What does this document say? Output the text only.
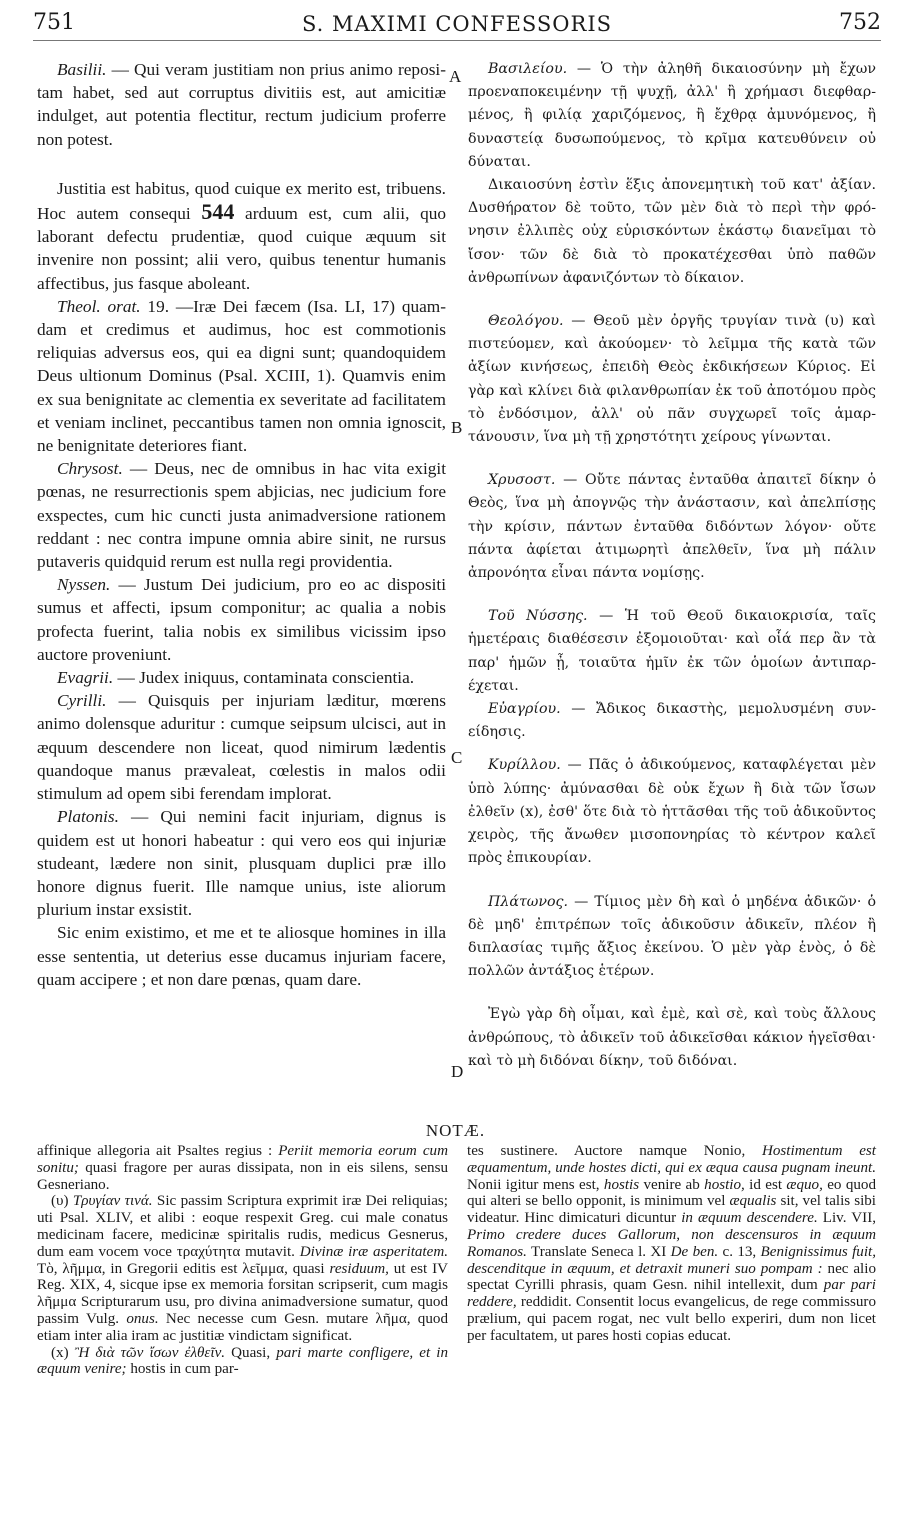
751	S. MAXIMI CONFESSORIS	752

Basilii. — Qui veram justitiam non prius animo repositam habet, sed aut corruptus divitiis est, aut amicitiæ indulget, aut potentia flectitur, rectum judicium proferre non potest.

Justitia est habitus, quod cuique ex merito est, tribuens. Hoc autem consequi 544 arduum est, cum alii, quo laborant defectu prudentiæ, quod cuique æquum sit invenire non possint; alii vero, quibus tenentur humanis affectibus, jus fasque aboleant.

Theol. orat. 19. —Iræ Dei fæcem (Isa. LI, 17) quamdam et credimus et audimus, hoc est commotionis reliquias adversus eos, qui ea digni sunt; quandoquidem Deus ultionum Dominus (Psal. XCIII, 1). Quamvis enim ex sua benignitate ac clementia ex severitate ad facilitatem et veniam inclinet, peccantibus tamen non omnia ignoscit, ne benignitate deteriores fiant.

Chrysost. — Deus, nec de omnibus in hac vita exigit pœnas, ne resurrectionis spem abjicias, nec judicium fore exspectes, cum hic cuncti justa animadversione rationem reddant : nec contra impune omnia abire sinit, ne rursus putaveris quidquid rerum est nulla regi providentia.

Nyssen. — Justum Dei judicium, pro eo ac dispositi sumus et affecti, ipsum componitur; ac qualia a nobis profecta fuerint, talia nobis ex similibus vicissim ipso auctore proveniunt.

Evagrii. — Judex iniquus, contaminata conscientia.

Cyrilli. — Quisquis per injuriam læditur, mœrens animo dolensque aduritur : cumque seipsum ulcisci, aut in æquum descendere non liceat, quod nimirum lædentis quandoque manus prævaleat, cœlestis in malos odii stimulum ad opem sibi ferendam implorat.

Platonis. — Qui nemini facit injuriam, dignus is quidem est ut honori habeatur : qui vero eos qui injuriæ studeant, lædere non sinit, plusquam duplici præ illo honore dignus fuerit. Ille namque unius, iste aliorum plurium instar exsistit.

Sic enim existimo, et me et te aliosque homines in illa esse sententia, ut deterius esse ducamus injuriam facere, quam accipere ; et non dare pœnas, quam dare.

A
B
C
D

Βασιλείου. — Ὁ τὴν ἀληθῆ δικαιοσύνην μὴ ἔχων προεναποκειμένην τῇ ψυχῇ, ἀλλ' ἢ χρήμασι διεφθαρμένος, ἢ φιλίᾳ χαριζόμενος, ἢ ἔχθρᾳ ἀμυνόμενος, ἢ δυναστείᾳ δυσωπούμενος, τὸ κρῖμα κατευθύνειν οὐ δύναται.

Δικαιοσύνη ἐστὶν ἕξις ἀπονεμητικὴ τοῦ κατ' ἀξίαν. Δυσθήρατον δὲ τοῦτο, τῶν μὲν διὰ τὸ περὶ τὴν φρόνησιν ἐλλιπὲς οὐχ εὑρισκόντων ἑκάστῳ διανεῖμαι τὸ ἴσον· τῶν δὲ διὰ τὸ προκατέχεσθαι ὑπὸ παθῶν ἀνθρωπίνων ἀφανιζόντων τὸ δίκαιον.

Θεολόγου. — Θεοῦ μὲν ὀργῆς τρυγίαν τινὰ (υ) καὶ πιστεύομεν, καὶ ἀκούομεν· τὸ λεῖμμα τῆς κατὰ τῶν ἀξίων κινήσεως, ἐπειδὴ Θεὸς ἐκδικήσεων Κύριος. Εἰ γὰρ καὶ κλίνει διὰ φιλανθρωπίαν ἐκ τοῦ ἀποτόμου πρὸς τὸ ἐνδόσιμον, ἀλλ' οὐ πᾶν συγχωρεῖ τοῖς ἁμαρτάνουσιν, ἵνα μὴ τῇ χρηστότητι χείρους γίνωνται.

Χρυσοστ. — Οὔτε πάντας ἐνταῦθα ἀπαιτεῖ δίκην ὁ Θεὸς, ἵνα μὴ ἀπογνῷς τὴν ἀνάστασιν, καὶ ἀπελπίσῃς τὴν κρίσιν, πάντων ἐνταῦθα διδόντων λόγον· οὔτε πάντα ἀφίεται ἀτιμωρητὶ ἀπελθεῖν, ἵνα μὴ πάλιν ἀπρονόητα εἶναι πάντα νομίσῃς.

Τοῦ Νύσσης. — Ἡ τοῦ Θεοῦ δικαιοκρισία, ταῖς ἡμετέραις διαθέσεσιν ἐξομοιοῦται· καὶ οἷά περ ἂν τὰ παρ' ἡμῶν ᾖ, τοιαῦτα ἡμῖν ἐκ τῶν ὁμοίων ἀντιπαρέχεται.

Εὐαγρίου. — Ἄδικος δικαστὴς, μεμολυσμένη συνείδησις.

Κυρίλλου. — Πᾶς ὁ ἀδικούμενος, καταφλέγεται μὲν ὑπὸ λύπης· ἀμύνασθαι δὲ οὐκ ἔχων ἢ διὰ τῶν ἴσων ἐλθεῖν (x), ἐσθ' ὅτε διὰ τὸ ἡττᾶσθαι τῆς τοῦ ἀδικοῦντος χειρὸς, τῆς ἄνωθεν μισοπονηρίας τὸ κέντρον καλεῖ πρὸς ἐπικουρίαν.

Πλάτωνος. — Τίμιος μὲν δὴ καὶ ὁ μηδένα ἀδικῶν· ὁ δὲ μηδ' ἐπιτρέπων τοῖς ἀδικοῦσιν ἀδικεῖν, πλέον ἢ διπλασίας τιμῆς ἄξιος ἐκείνου. Ὁ μὲν γὰρ ἑνὸς, ὁ δὲ πολλῶν ἀντάξιος ἑτέρων.

Ἐγὼ γὰρ δὴ οἶμαι, καὶ ἐμὲ, καὶ σὲ, καὶ τοὺς ἄλλους ἀνθρώπους, τὸ ἀδικεῖν τοῦ ἀδικεῖσθαι κάκιον ἡγεῖσθαι· καὶ τὸ μὴ διδόναι δίκην, τοῦ διδόναι.

NOTÆ.

affinique allegoria ait Psaltes regius : Periit memoria eorum cum sonitu; quasi fragore per auras dissipata, non in eis silens, sensu Gesneriano.

(υ) Τρυγίαν τινά. Sic passim Scriptura exprimit iræ Dei reliquias; uti Psal. XLIV, et alibi : eoque respexit Greg. cui male conatus medicinam facere, medicinæ spiritalis rudis, medicus Gesnerus, dum eam vocem voce τραχύτητα mutavit. Divinæ iræ asperitatem. Τὸ, λῆμμα, in Gregorii editis est λεῖμμα, quasi residuum, ut est IV Reg. XIX, 4, sicque ipse ex memoria forsitan scripserit, cum magis λῆμμα Scripturarum usu, pro divina animadversione sumatur, quod passim Vulg. onus. Nec necesse cum Gesn. mutare λῆμα, quod etiam inter alia iram ac justitiæ vindictam significat.

(x) Ἢ διὰ τῶν ἴσων ἐλθεῖν. Quasi, pari marte confligere, et in æquum venire; hostis in cum par-

tes sustinere. Auctore namque Nonio, Hostimentum est æquamentum, unde hostes dicti, qui ex æqua causa pugnam ineunt. Nonii igitur mens est, hostis venire ab hostio, id est æquo, eo quod qui alteri se bello opponit, is minimum vel æqualis sit, vel talis sibi videatur. Hinc dimicaturi dicuntur in æquum descendere. Liv. VII, Primo credere duces Gallorum, non descensuros in æquum Romanos. Translate Seneca l. XI De ben. c. 13, Benignissimus fuit, descenditque in æquum, et detraxit muneri suo pompam : nec alio spectat Cyrilli phrasis, quam Gesn. nihil intellexit, dum par pari reddere, reddidit. Consentit locus evangelicus, de rege commissuro prælium, qui pacem rogat, nec vult bello experiri, dum non licet per facultatem, ut pares hosti copias educat.
